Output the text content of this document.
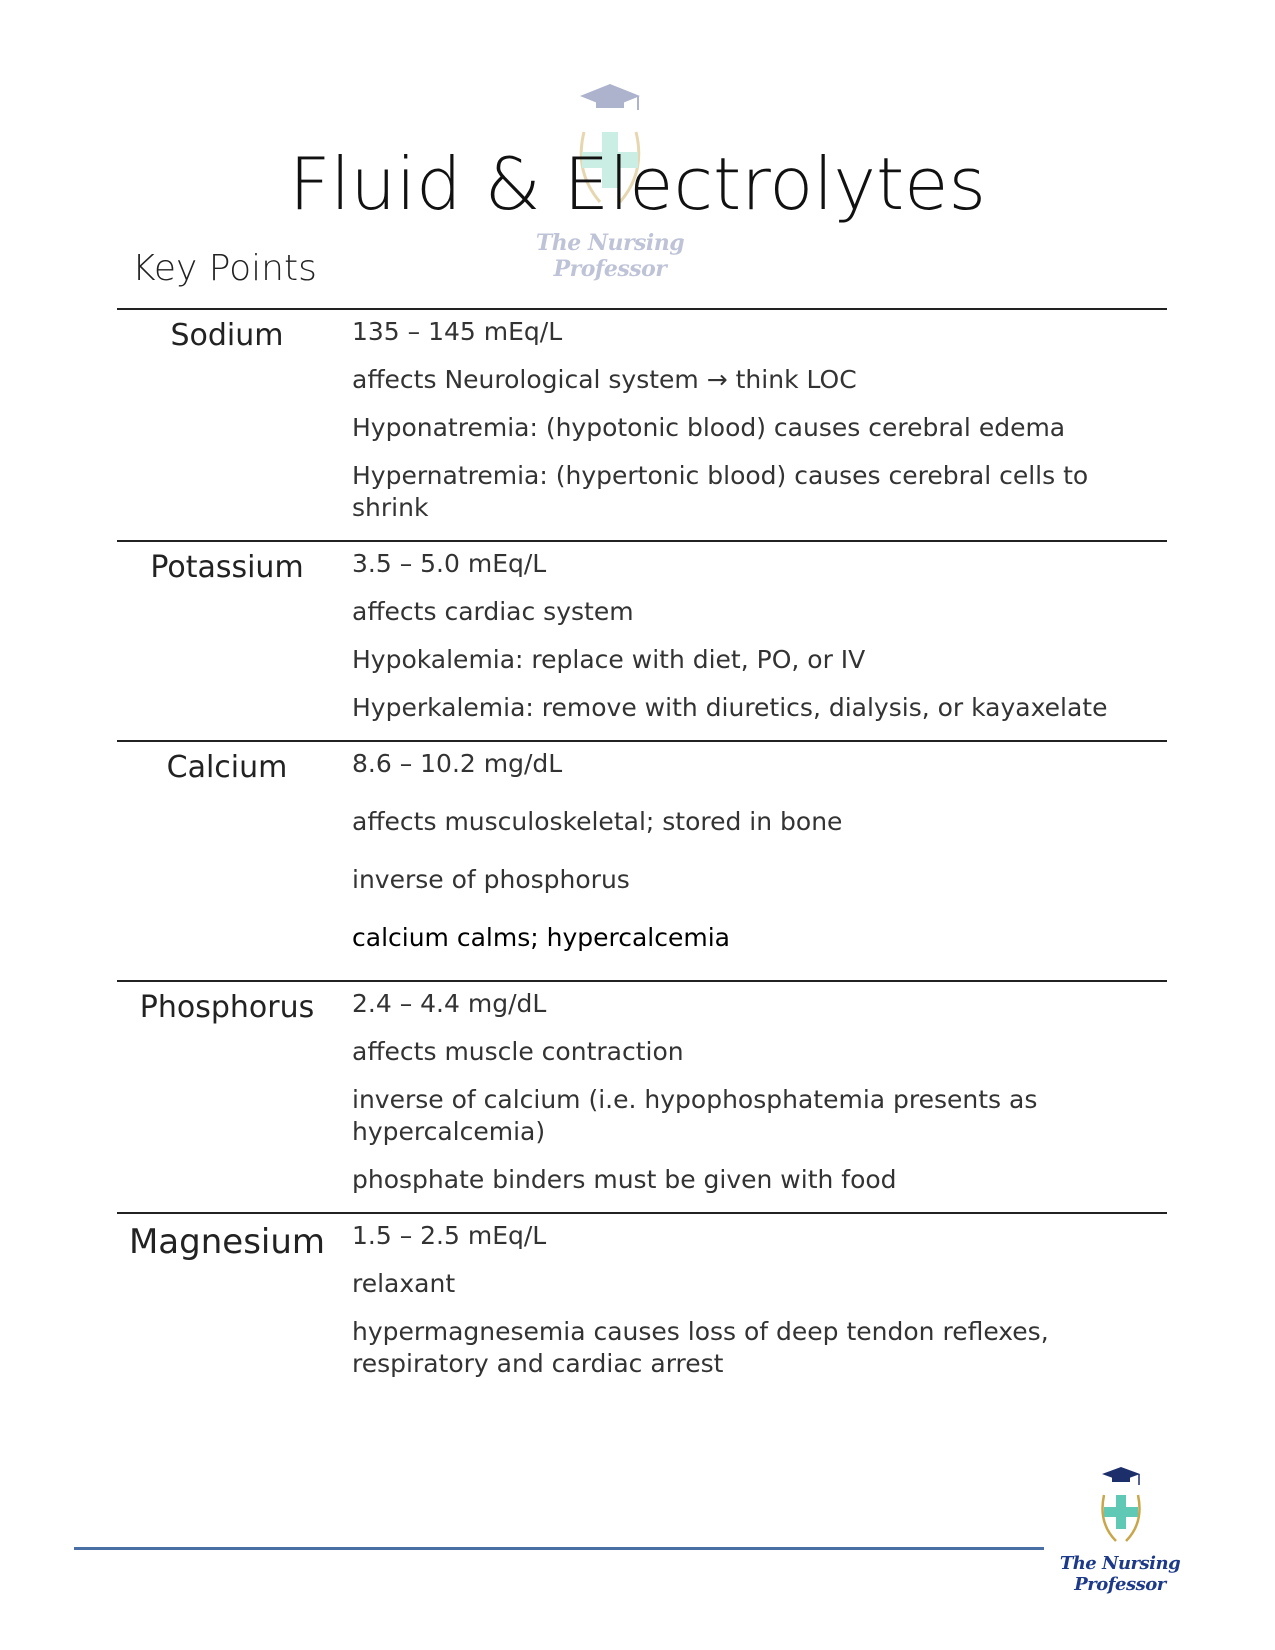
The Nursing Professor
Fluid & Electrolytes
Key Points
Sodium	135 – 145 mEq/L
affects Neurological system → think LOC
Hyponatremia: (hypotonic blood) causes cerebral edema
Hypernatremia: (hypertonic blood) causes cerebral cells to shrink
Potassium	3.5 – 5.0 mEq/L
affects cardiac system
Hypokalemia: replace with diet, PO, or IV
Hyperkalemia: remove with diuretics, dialysis, or kayaxelate
Calcium	8.6 – 10.2 mg/dL
affects musculoskeletal; stored in bone
inverse of phosphorus
calcium calms; hypercalcemia
Phosphorus	2.4 – 4.4 mg/dL
affects muscle contraction
inverse of calcium (i.e. hypophosphatemia presents as hypercalcemia)
phosphate binders must be given with food
Magnesium	1.5 – 2.5 mEq/L
relaxant
hypermagnesemia causes loss of deep tendon reflexes, respiratory and cardiac arrest
The Nursing Professor
